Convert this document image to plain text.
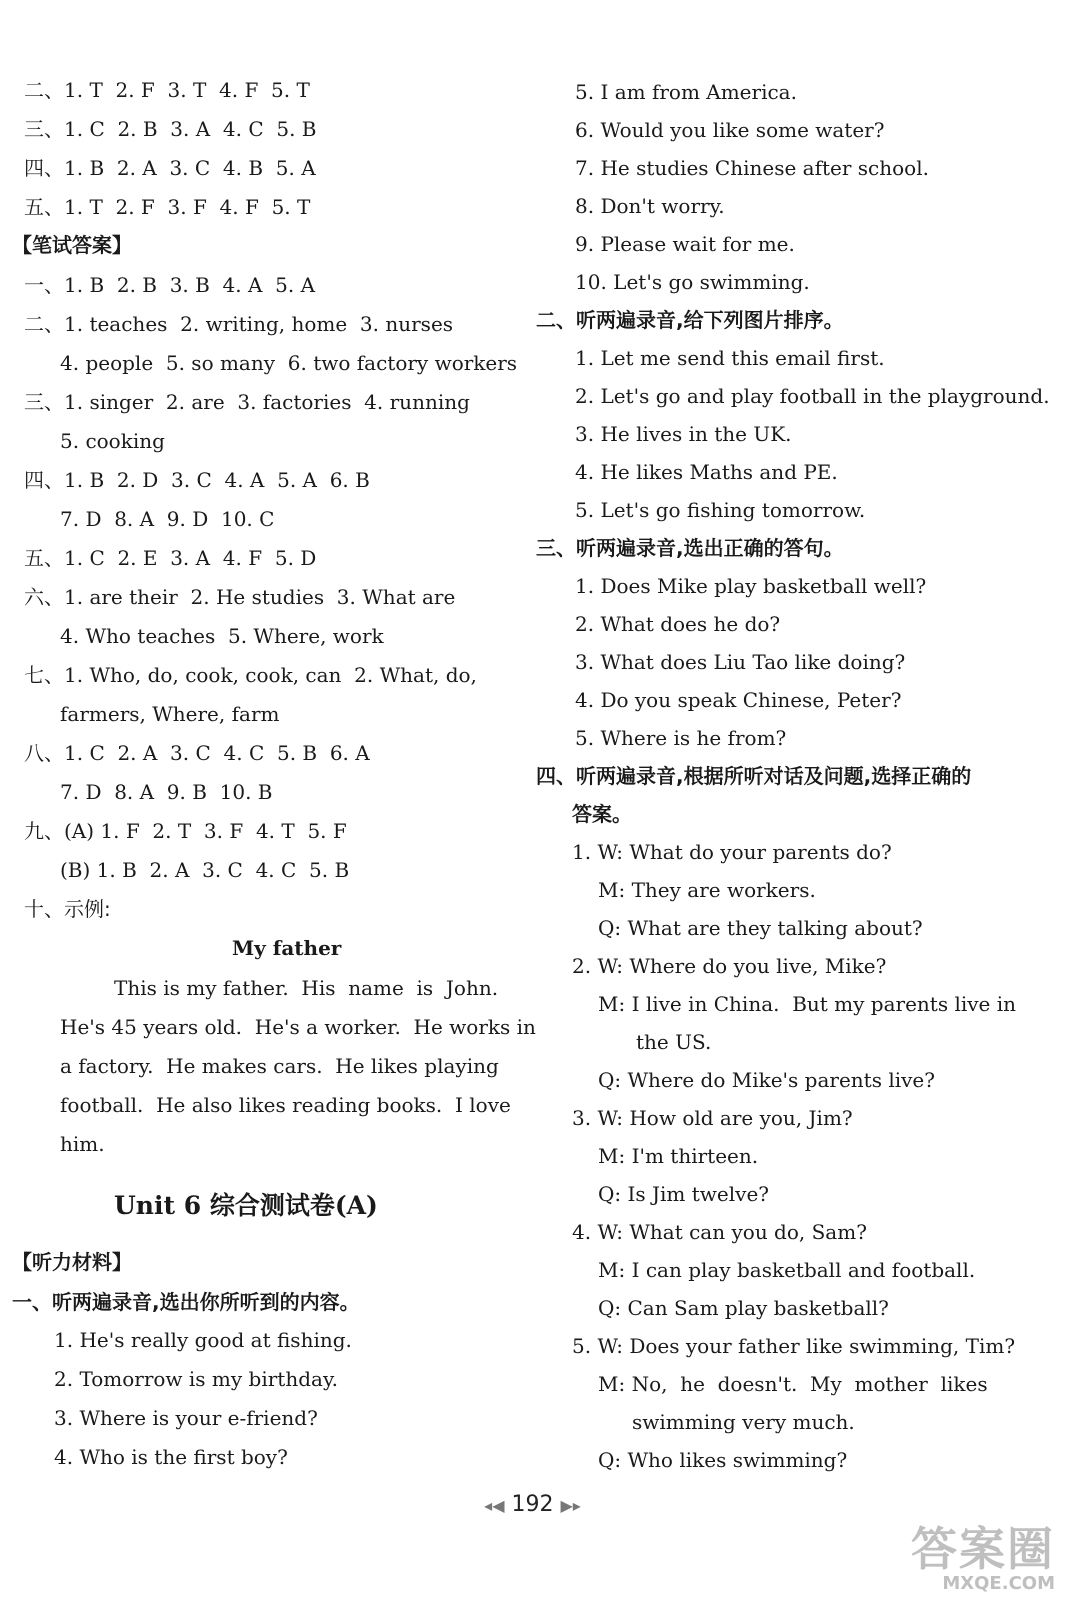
二、1. T  2. F  3. T  4. F  5. T
三、1. C  2. B  3. A  4. C  5. B
四、1. B  2. A  3. C  4. B  5. A
五、1. T  2. F  3. F  4. F  5. T
【笔试答案】
一、1. B  2. B  3. B  4. A  5. A
二、1. teaches  2. writing, home  3. nurses
4. people  5. so many  6. two factory workers
三、1. singer  2. are  3. factories  4. running
5. cooking
四、1. B  2. D  3. C  4. A  5. A  6. B
7. D  8. A  9. D  10. C
五、1. C  2. E  3. A  4. F  5. D
六、1. are their  2. He studies  3. What are
4. Who teaches  5. Where, work
七、1. Who, do, cook, cook, can  2. What, do,
farmers, Where, farm
八、1. C  2. A  3. C  4. C  5. B  6. A
7. D  8. A  9. B  10. B
九、(A) 1. F  2. T  3. F  4. T  5. F
(B) 1. B  2. A  3. C  4. C  5. B
十、示例:
My father
This is my father.  His  name  is  John.
He's 45 years old.  He's a worker.  He works in
a factory.  He makes cars.  He likes playing
football.  He also likes reading books.  I love
him.
Unit 6 综合测试卷(A)
【听力材料】
一、听两遍录音,选出你所听到的内容。
1. He's really good at fishing.
2. Tomorrow is my birthday.
3. Where is your e-friend?
4. Who is the first boy?
5. I am from America.
6. Would you like some water?
7. He studies Chinese after school.
8. Don't worry.
9. Please wait for me.
10. Let's go swimming.
二、听两遍录音,给下列图片排序。
1. Let me send this email first.
2. Let's go and play football in the playground.
3. He lives in the UK.
4. He likes Maths and PE.
5. Let's go fishing tomorrow.
三、听两遍录音,选出正确的答句。
1. Does Mike play basketball well?
2. What does he do?
3. What does Liu Tao like doing?
4. Do you speak Chinese, Peter?
5. Where is he from?
四、听两遍录音,根据所听对话及问题,选择正确的
答案。
1. W: What do your parents do?
M: They are workers.
Q: What are they talking about?
2. W: Where do you live, Mike?
M: I live in China.  But my parents live in
the US.
Q: Where do Mike's parents live?
3. W: How old are you, Jim?
M: I'm thirteen.
Q: Is Jim twelve?
4. W: What can you do, Sam?
M: I can play basketball and football.
Q: Can Sam play basketball?
5. W: Does your father like swimming, Tim?
M: No,  he  doesn't.  My  mother  likes
swimming very much.
Q: Who likes swimming?
◂◀ 192 ▶▸
答案圈
MXQE.COM
